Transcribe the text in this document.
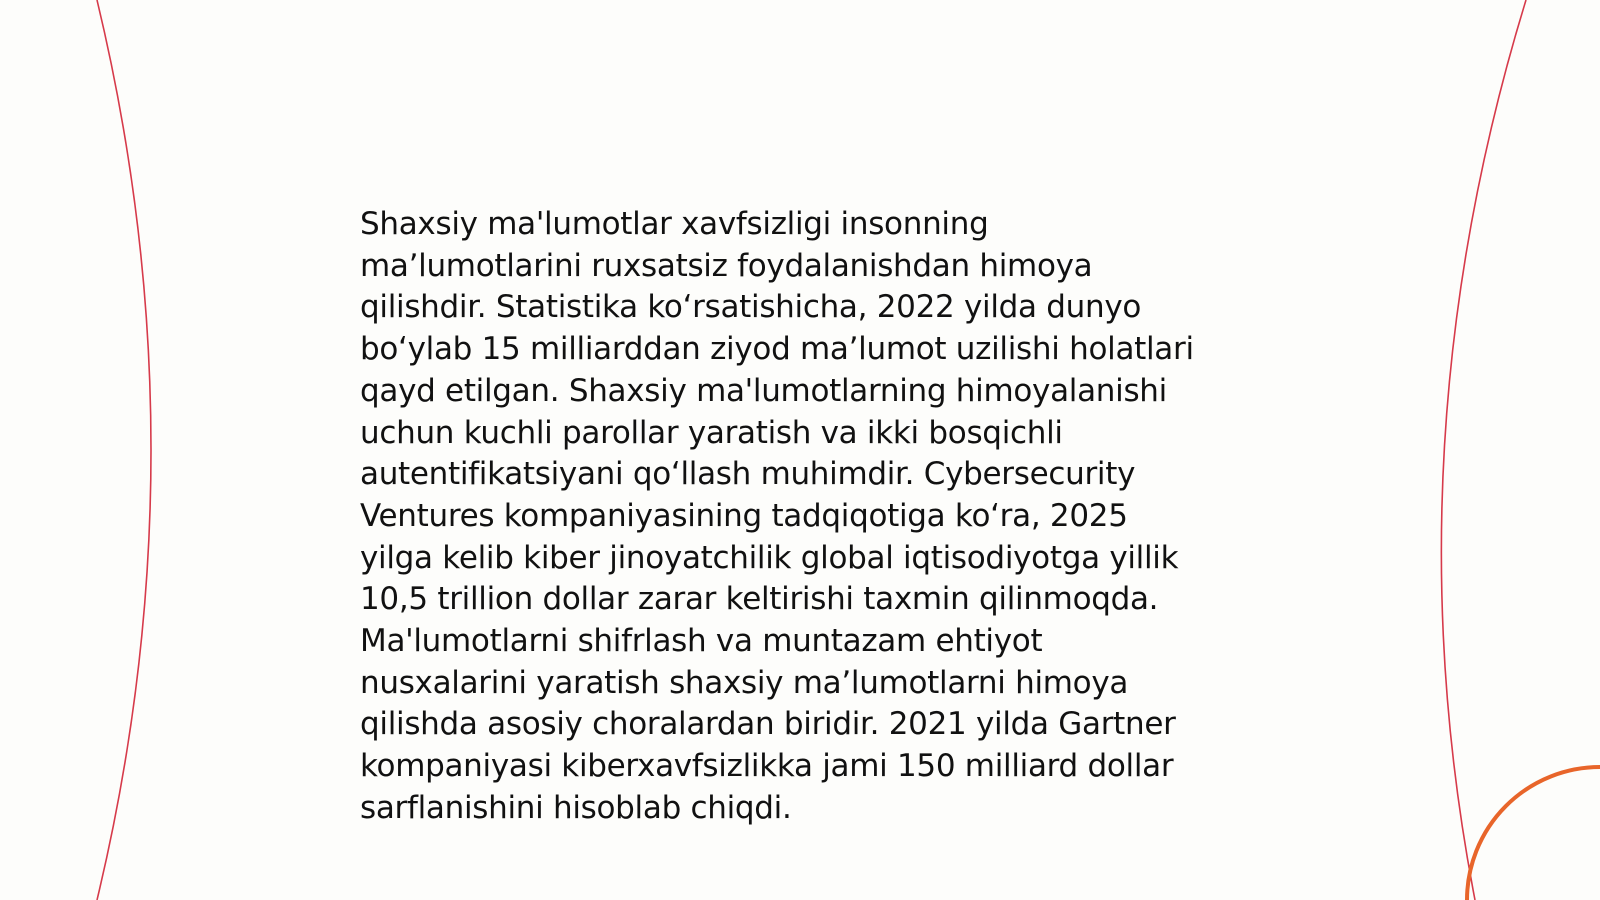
Shaxsiy ma'lumotlar xavfsizligi insonning
ma’lumotlarini ruxsatsiz foydalanishdan himoya
qilishdir. Statistika ko‘rsatishicha, 2022 yilda dunyo
bo‘ylab 15 milliarddan ziyod ma’lumot uzilishi holatlari
qayd etilgan. Shaxsiy ma'lumotlarning himoyalanishi
uchun kuchli parollar yaratish va ikki bosqichli
autentifikatsiyani qo‘llash muhimdir. Cybersecurity
Ventures kompaniyasining tadqiqotiga ko‘ra, 2025
yilga kelib kiber jinoyatchilik global iqtisodiyotga yillik
10,5 trillion dollar zarar keltirishi taxmin qilinmoqda.
Ma'lumotlarni shifrlash va muntazam ehtiyot
nusxalarini yaratish shaxsiy ma’lumotlarni himoya
qilishda asosiy choralardan biridir. 2021 yilda Gartner
kompaniyasi kiberxavfsizlikka jami 150 milliard dollar
sarflanishini hisoblab chiqdi.
